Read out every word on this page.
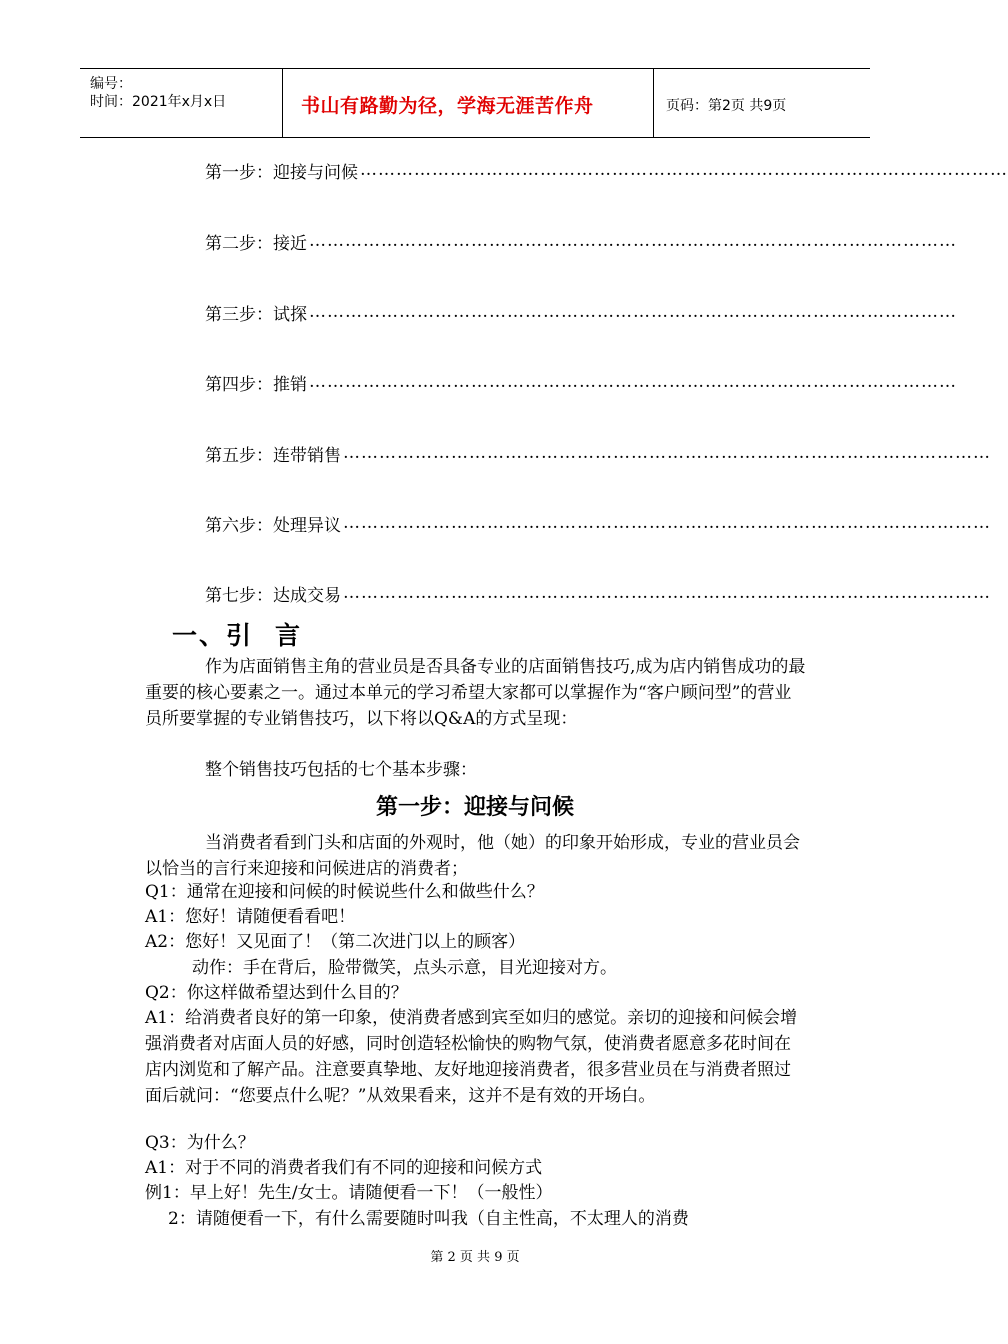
编号：
时间：2021年x月x日	书山有路勤为径，学海无涯苦作舟	页码：第2页 共9页
第一步：迎接与问候 ………………………………………………………………………………………………
第二步：接近 ………………………………………………………………………………………………
第三步：试探 ………………………………………………………………………………………………
第四步：推销 ………………………………………………………………………………………………
第五步：连带销售 ………………………………………………………………………………………………
第六步：处理异议 ………………………………………………………………………………………………
第七步：达成交易 ………………………………………………………………………………………………
一、引 言
作为店面销售主角的营业员是否具备专业的店面销售技巧,成为店内销售成功的最重要的核心要素之一。通过本单元的学习希望大家都可以掌握作为“客户顾问型”的营业员所要掌握的专业销售技巧，以下将以Q&A的方式呈现：
整个销售技巧包括的七个基本步骤：
第一步：迎接与问候
当消费者看到门头和店面的外观时，他（她）的印象开始形成，专业的营业员会以恰当的言行来迎接和问候进店的消费者；
Q1：通常在迎接和问候的时候说些什么和做些什么？
A1：您好！请随便看看吧！
A2：您好！又见面了！（第二次进门以上的顾客）
动作：手在背后，脸带微笑，点头示意，目光迎接对方。
Q2：你这样做希望达到什么目的？
A1：给消费者良好的第一印象，使消费者感到宾至如归的感觉。亲切的迎接和问候会增强消费者对店面人员的好感，同时创造轻松愉快的购物气氛，使消费者愿意多花时间在店内浏览和了解产品。注意要真挚地、友好地迎接消费者，很多营业员在与消费者照过面后就问：“您要点什么呢？”从效果看来，这并不是有效的开场白。
Q3：为什么？
A1：对于不同的消费者我们有不同的迎接和问候方式
例1：早上好！先生/女士。请随便看一下！（一般性）
2：请随便看一下，有什么需要随时叫我（自主性高，不太理人的消费
第 2 页 共 9 页
